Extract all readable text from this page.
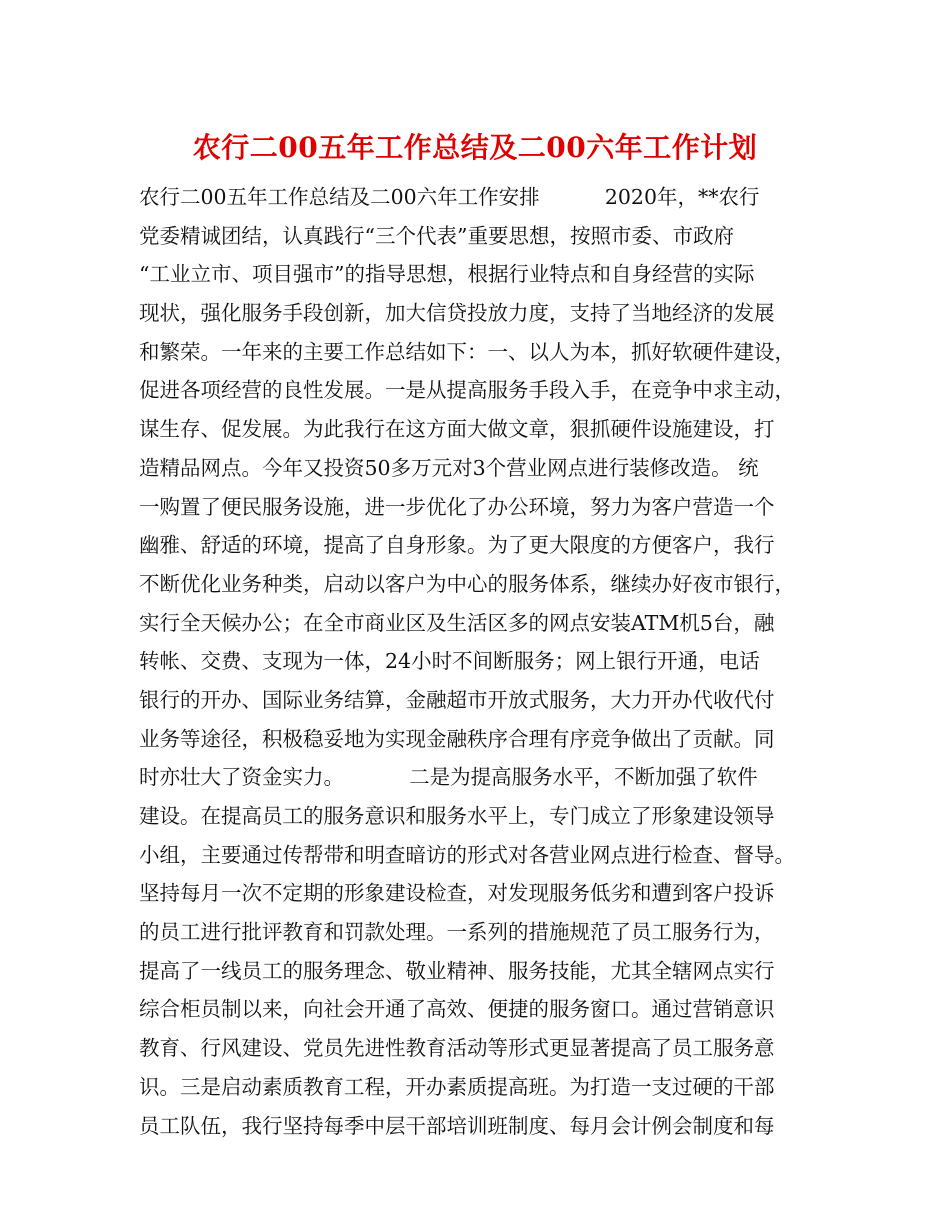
农行二00五年工作总结及二00六年工作计划
农行二00五年工作总结及二00六年工作安排          2020年，**农行
党委精诚团结，认真践行“三个代表”重要思想，按照市委、市政府
“工业立市、项目强市”的指导思想，根据行业特点和自身经营的实际
现状，强化服务手段创新，加大信贷投放力度，支持了当地经济的发展
和繁荣。一年来的主要工作总结如下：一、以人为本，抓好软硬件建设，
促进各项经营的良性发展。一是从提高服务手段入手，在竞争中求主动，
谋生存、促发展。为此我行在这方面大做文章，狠抓硬件设施建设，打
造精品网点。今年又投资50多万元对3个营业网点进行装修改造。 统
一购置了便民服务设施，进一步优化了办公环境，努力为客户营造一个
幽雅、舒适的环境，提高了自身形象。为了更大限度的方便客户，我行
不断优化业务种类，启动以客户为中心的服务体系，继续办好夜市银行，
实行全天候办公；在全市商业区及生活区多的网点安装ATM机5台，融
转帐、交费、支现为一体，24小时不间断服务；网上银行开通，电话
银行的开办、国际业务结算，金融超市开放式服务，大力开办代收代付
业务等途径，积极稳妥地为实现金融秩序合理有序竞争做出了贡献。同
时亦壮大了资金实力。          二是为提高服务水平，不断加强了软件
建设。在提高员工的服务意识和服务水平上，专门成立了形象建设领导
小组，主要通过传帮带和明查暗访的形式对各营业网点进行检查、督导。
坚持每月一次不定期的形象建设检查，对发现服务低劣和遭到客户投诉
的员工进行批评教育和罚款处理。一系列的措施规范了员工服务行为，
提高了一线员工的服务理念、敬业精神、服务技能，尤其全辖网点实行
综合柜员制以来，向社会开通了高效、便捷的服务窗口。通过营销意识
教育、行风建设、党员先进性教育活动等形式更显著提高了员工服务意
识。三是启动素质教育工程，开办素质提高班。为打造一支过硬的干部
员工队伍，我行坚持每季中层干部培训班制度、每月会计例会制度和每
